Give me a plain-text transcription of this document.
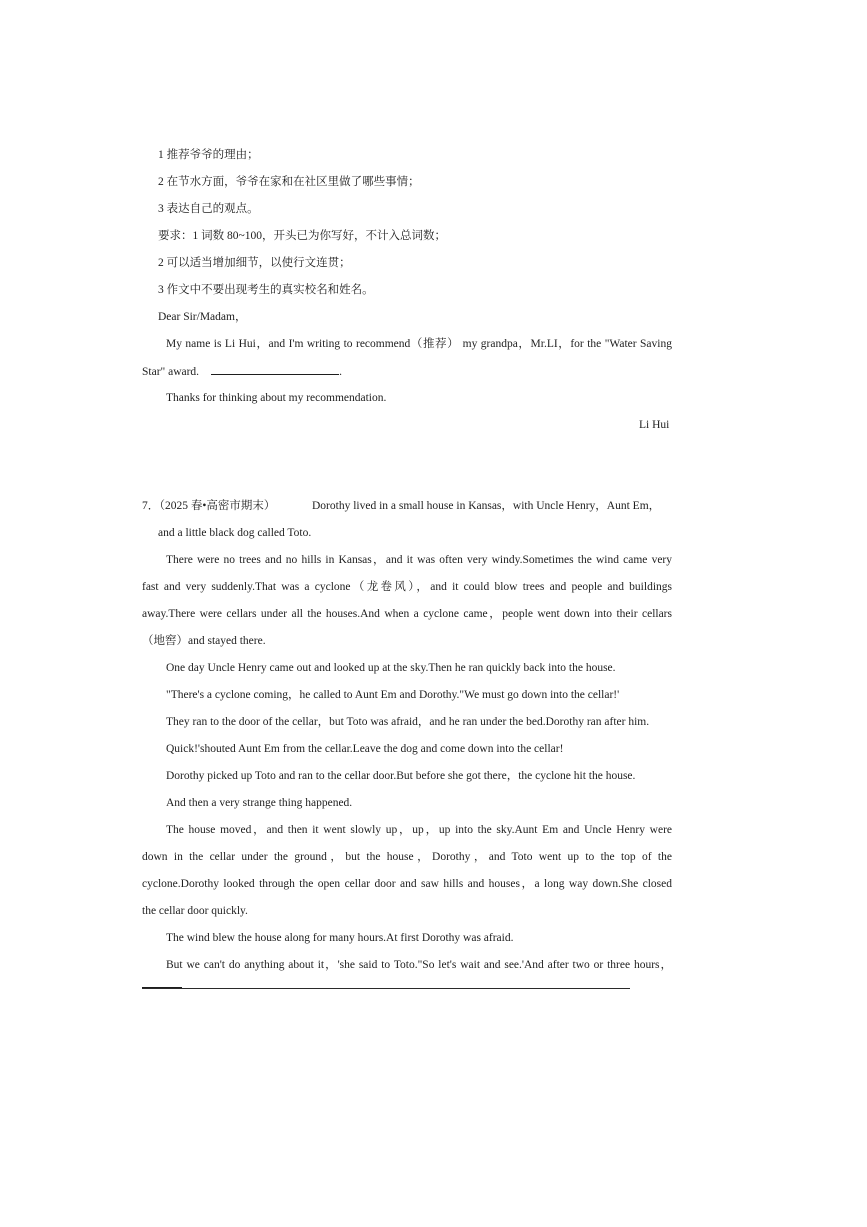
1 推荐爷爷的理由；
2 在节水方面，爷爷在家和在社区里做了哪些事情；
3 表达自己的观点。
要求：1 词数 80~100，开头已为你写好，不计入总词数；
2 可以适当增加细节，以使行文连贯；
3 作文中不要出现考生的真实校名和姓名。
Dear Sir/Madam，
My name is Li Hui，and I'm writing to recommend（推荐） my grandpa，Mr.LI，for the "Water Saving
Star" award.	.
Thanks for thinking about my recommendation.
Li Hui
7．（2025 春•高密市期末）	Dorothy lived in a small house in Kansas，with Uncle Henry，Aunt Em，
and a little black dog called Toto.
There were no trees and no hills in Kansas，and it was often very windy.Sometimes the wind came very
fast and very suddenly.That was a cyclone（龙卷风），and it could blow trees and people and buildings
away.There were cellars under all the houses.And when a cyclone came，people went down into their cellars
（地窖）and stayed there.
One day Uncle Henry came out and looked up at the sky.Then he ran quickly back into the house.
"There's a cyclone coming，he called to Aunt Em and Dorothy."We must go down into the cellar!'
They ran to the door of the cellar，but Toto was afraid，and he ran under the bed.Dorothy ran after him.
Quick!'shouted Aunt Em from the cellar.Leave the dog and come down into the cellar!
Dorothy picked up Toto and ran to the cellar door.But before she got there，the cyclone hit the house.
And then a very strange thing happened.
The house moved，and then it went slowly up，up，up into the sky.Aunt Em and Uncle Henry were
down in the cellar under the ground，but the house，Dorothy，and Toto went up to the top of the
cyclone.Dorothy looked through the open cellar door and saw hills and houses，a long way down.She closed
the cellar door quickly.
The wind blew the house along for many hours.At first Dorothy was afraid.
But we can't do anything about it，'she said to Toto."So let's wait and see.'And after two or three hours，
